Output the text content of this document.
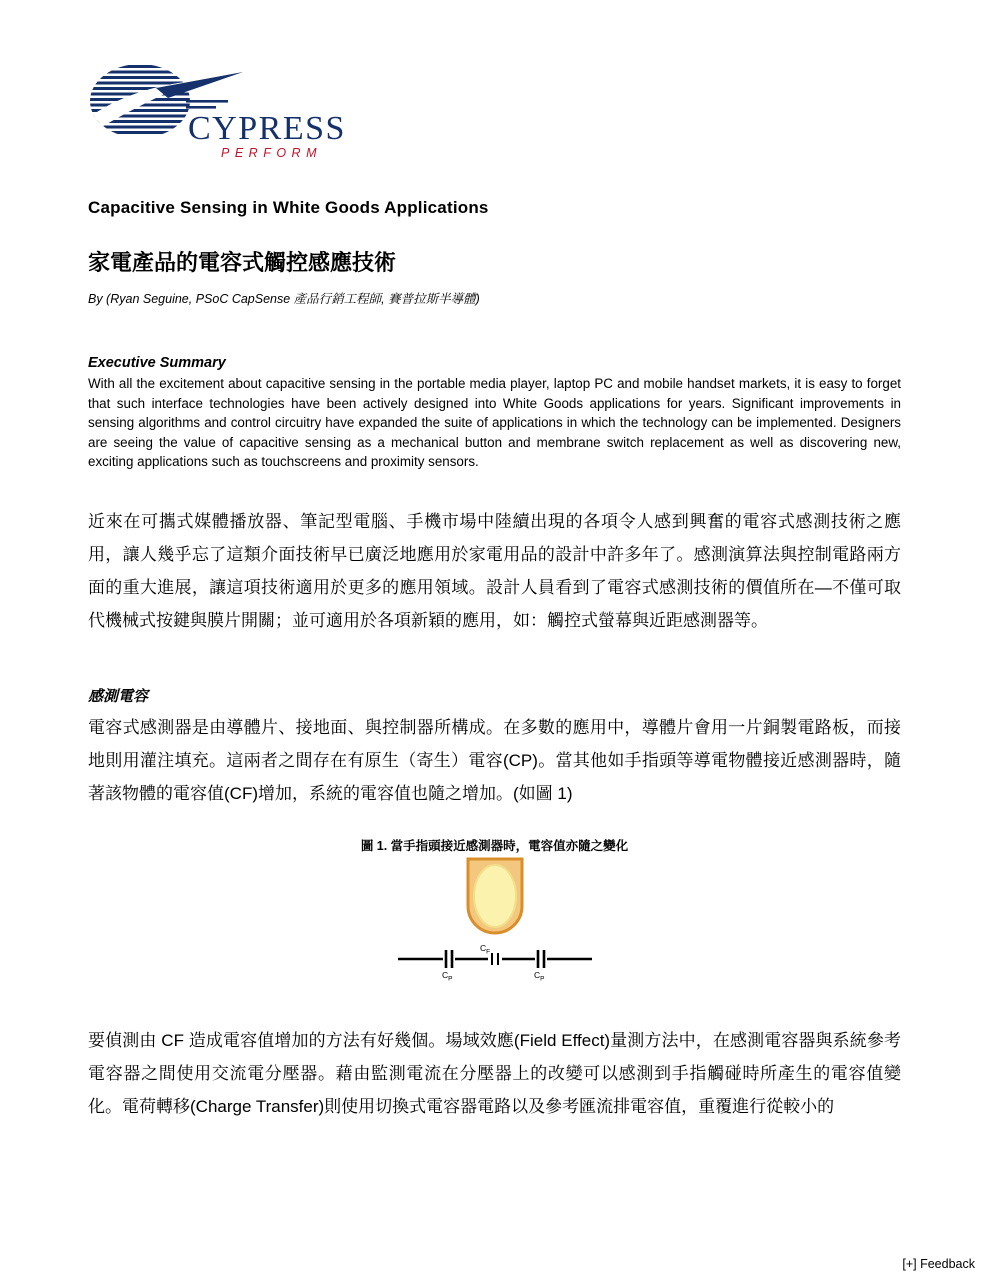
CYPRESS
PERFORM
Capacitive Sensing in White Goods Applications
家電產品的電容式觸控感應技術
By (Ryan Seguine, PSoC CapSense 產品行銷工程師, 賽普拉斯半導體)
Executive Summary
With all the excitement about capacitive sensing in the portable media player, laptop PC and mobile handset markets, it is easy to forget that such interface technologies have been actively designed into White Goods applications for years. Significant improvements in sensing algorithms and control circuitry have expanded the suite of applications in which the technology can be implemented. Designers are seeing the value of capacitive sensing as a mechanical button and membrane switch replacement as well as discovering new, exciting applications such as touchscreens and proximity sensors.
近來在可攜式媒體播放器、筆記型電腦、手機市場中陸續出現的各項令人感到興奮的電容式感測技術之應用，讓人幾乎忘了這類介面技術早已廣泛地應用於家電用品的設計中許多年了。感測演算法與控制電路兩方面的重大進展，讓這項技術適用於更多的應用領域。設計人員看到了電容式感測技術的價值所在—不僅可取代機械式按鍵與膜片開關；並可適用於各項新穎的應用，如：觸控式螢幕與近距感測器等。
感測電容
電容式感測器是由導體片、接地面、與控制器所構成。在多數的應用中，導體片會用一片銅製電路板，而接地則用灌注填充。這兩者之間存在有原生（寄生）電容(CP)。當其他如手指頭等導電物體接近感測器時，隨著該物體的電容值(CF)增加，系統的電容值也隨之增加。(如圖 1)
圖 1. 當手指頭接近感測器時，電容值亦隨之變化
$C_F$
$C_P$	$C_P$
要偵測由 CF 造成電容值增加的方法有好幾個。場域效應(Field Effect)量測方法中，在感測電容器與系統參考電容器之間使用交流電分壓器。藉由監測電流在分壓器上的改變可以感測到手指觸碰時所產生的電容值變化。電荷轉移(Charge Transfer)則使用切換式電容器電路以及參考匯流排電容值，重覆進行從較小的
[+] Feedback
